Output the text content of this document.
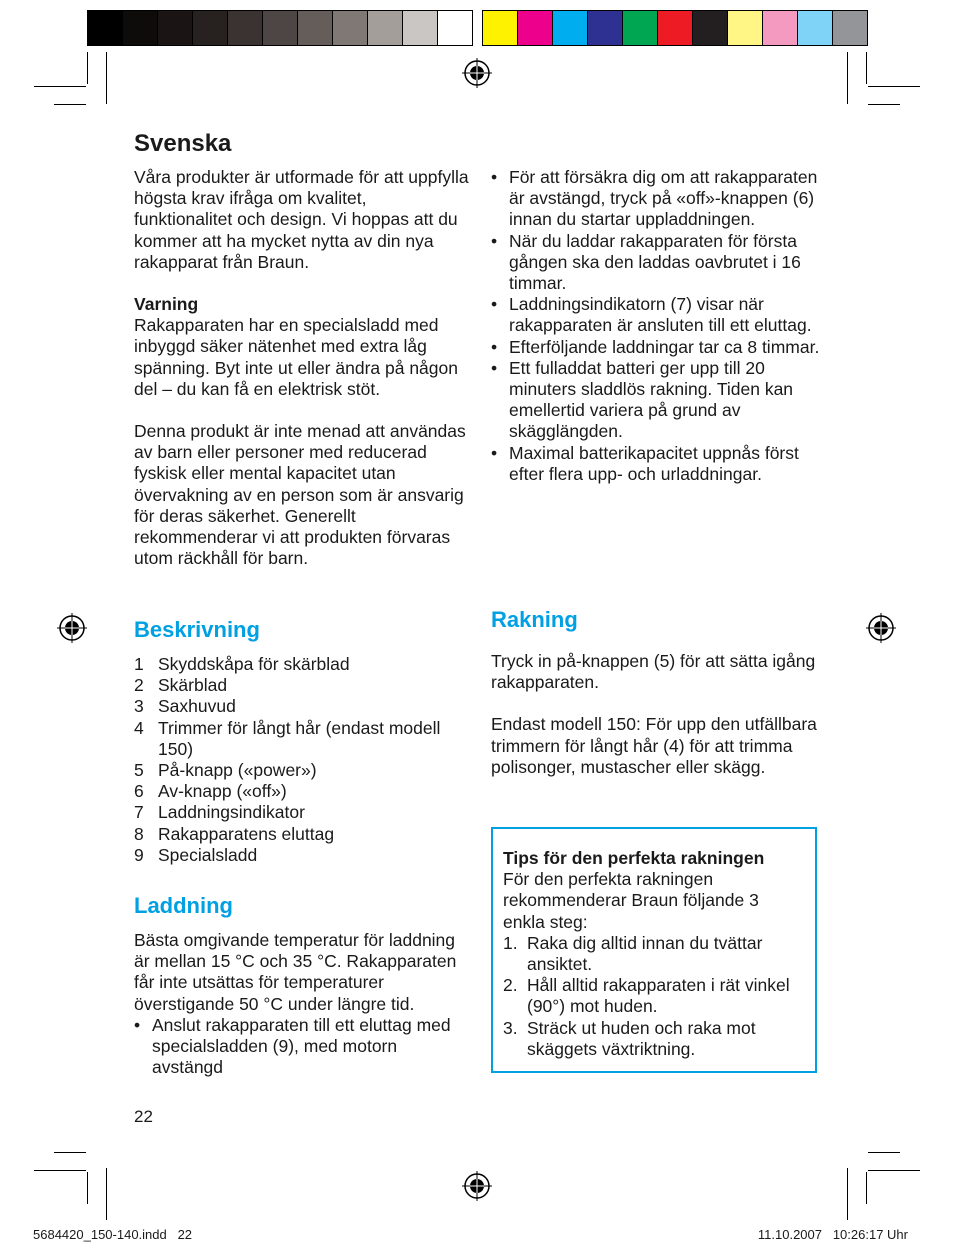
Svenska

Våra produkter är utformade för att uppfylla högsta krav ifråga om kvalitet, funktionalitet och design. Vi hoppas att du kommer att ha mycket nytta av din nya rakapparat från Braun.

Varning

Rakapparaten har en specialsladd med inbyggd säker nätenhet med extra låg spänning. Byt inte ut eller ändra på någon del – du kan få en elektrisk stöt.

Denna produkt är inte menad att användas av barn eller personer med reducerad fyskisk eller mental kapacitet utan övervakning av en person som är ansvarig för deras säkerhet. Generellt rekommenderar vi att produkten förvaras utom räckhåll för barn.

Beskrivning
1 Skyddskåpa för skärblad
2 Skärblad
3 Saxhuvud
4 Trimmer för långt hår (endast modell 150)
5 På-knapp («power»)
6 Av-knapp («off»)
7 Laddningsindikator
8 Rakapparatens eluttag
9 Specialsladd
Laddning

Bästa omgivande temperatur för laddning är mellan 15 °C och 35 °C. Rakapparaten får inte utsättas för temperaturer överstigande 50 °C under längre tid.

• Anslut rakapparaten till ett eluttag med specialsladden (9), med motorn avstängd
22
• För att försäkra dig om att rakapparaten är avstängd, tryck på «off»-knappen (6) innan du startar uppladdningen.
• När du laddar rakapparaten för första gången ska den laddas oavbrutet i 16 timmar.
• Laddningsindikatorn (7) visar när rakapparaten är ansluten till ett eluttag.
• Efterföljande laddningar tar ca 8 timmar.
• Ett fulladdat batteri ger upp till 20 minuters sladdlös rakning. Tiden kan emellertid variera på grund av skägglängden.
• Maximal batterikapacitet uppnås först efter flera upp- och urladdningar.
Rakning

Tryck in på-knappen (5) för att sätta igång rakapparaten.

Endast modell 150: För upp den utfällbara trimmern för långt hår (4) för att trimma polisonger, mustascher eller skägg.

Tips för den perfekta rakningen

För den perfekta rakningen rekommenderar Braun följande 3 enkla steg:

1. Raka dig alltid innan du tvättar ansiktet.
2. Håll alltid rakapparaten i rät vinkel (90°) mot huden.
3. Sträck ut huden och raka mot skäggets växtriktning.
5684420_150-140.indd   22	11.10.2007   10:26:17 Uhr
